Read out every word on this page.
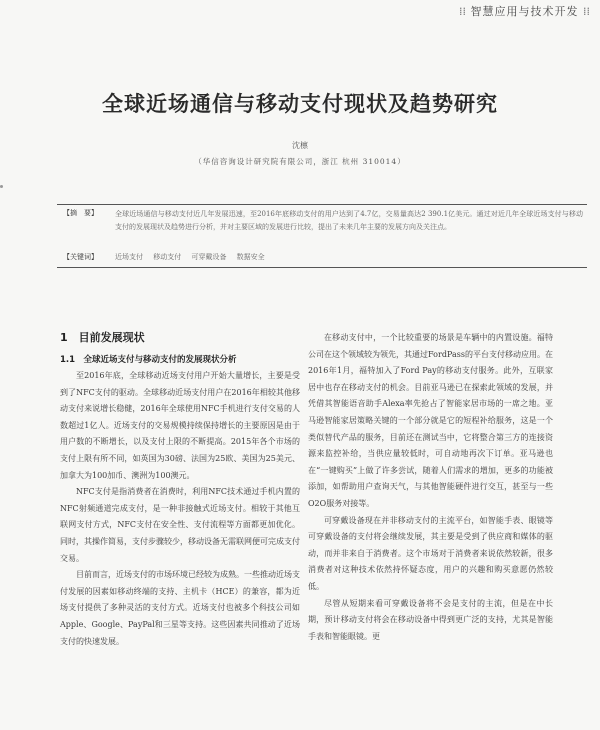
⁞⁞ 智慧应用与技术开发 ⁞⁞
全球近场通信与移动支付现状及趋势研究
沈檩
（华信咨询设计研究院有限公司，浙江 杭州 310014）
【摘　要】 全球近场通信与移动支付近几年发展迅速，至2016年底移动支付的用户达到了4.7亿，交易量高达2 390.1亿美元。通过对近几年全球近场支付与移动支付的发展现状及趋势进行分析，并对主要区域的发展进行比较，提出了未来几年主要的发展方向及关注点。
【关键词】 近场支付 移动支付 可穿戴设备 数据安全
1　目前发展现状
1.1　全球近场支付与移动支付的发展现状分析

至2016年底，全球移动近场支付用户开始大量增长，主要是受到了NFC支付的驱动。全球移动近场支付用户在2016年相较其他移动支付来说增长稳健，2016年全球使用NFC手机进行支付交易的人数超过1亿人。近场支付的交易规模持续保持增长的主要原因是由于用户数的不断增长，以及支付上限的不断提高。2015年各个市场的支付上限有所不同，如英国为30磅、法国为25欧、美国为25美元、加拿大为100加币、澳洲为100澳元。

NFC支付是指消费者在消费时，利用NFC技术通过手机内置的NFC射频通道完成支付，是一种非接触式近场支付。相较于其他互联网支付方式，NFC支付在安全性、支付流程等方面都更加优化。同时，其操作简易，支付步骤较少，移动设备无需联网便可完成支付交易。

目前而言，近场支付的市场环境已经较为成熟。一些推动近场支付发展的因素如移动终端的支持、主机卡（HCE）的兼容，都为近场支付提供了多种灵活的支付方式。近场支付也被多个科技公司如Apple、Google、PayPal和三星等支持。这些因素共同推动了近场支付的快速发展。

在移动支付中，一个比较重要的场景是车辆中的内置设施。福特公司在这个领域较为领先，其通过FordPass的平台支付移动应用。在2016年1月，福特加入了Ford Pay的移动支付服务。此外，互联家居中也存在移动支付的机会。目前亚马逊已在探索此领域的发展，并凭借其智能语音助手Alexa率先抢占了智能家居市场的一席之地。亚马逊智能家居策略关键的一个部分就是它的短程补给服务，这是一个类似替代产品的服务，目前还在测试当中，它将整合第三方的连接资源来监控补给，当供应量较低时，可自动地再次下订单。亚马逊也在“一键购买”上做了许多尝试，随着人们需求的增加，更多的功能被添加，如帮助用户查询天气，与其他智能硬件进行交互，甚至与一些O2O服务对接等。

可穿戴设备现在并非移动支付的主流平台，如智能手表、眼镜等可穿戴设备的支付将会继续发展，其主要是受到了供应商和媒体的驱动，而并非来自于消费者。这个市场对于消费者来说依然较新，很多消费者对这种技术依然持怀疑态度，用户的兴趣和购买意愿仍然较低。

尽管从短期来看可穿戴设备将不会是支付的主流，但是在中长期，预计移动支付将会在移动设备中得到更广泛的支持，尤其是智能手表和智能眼镜。更
